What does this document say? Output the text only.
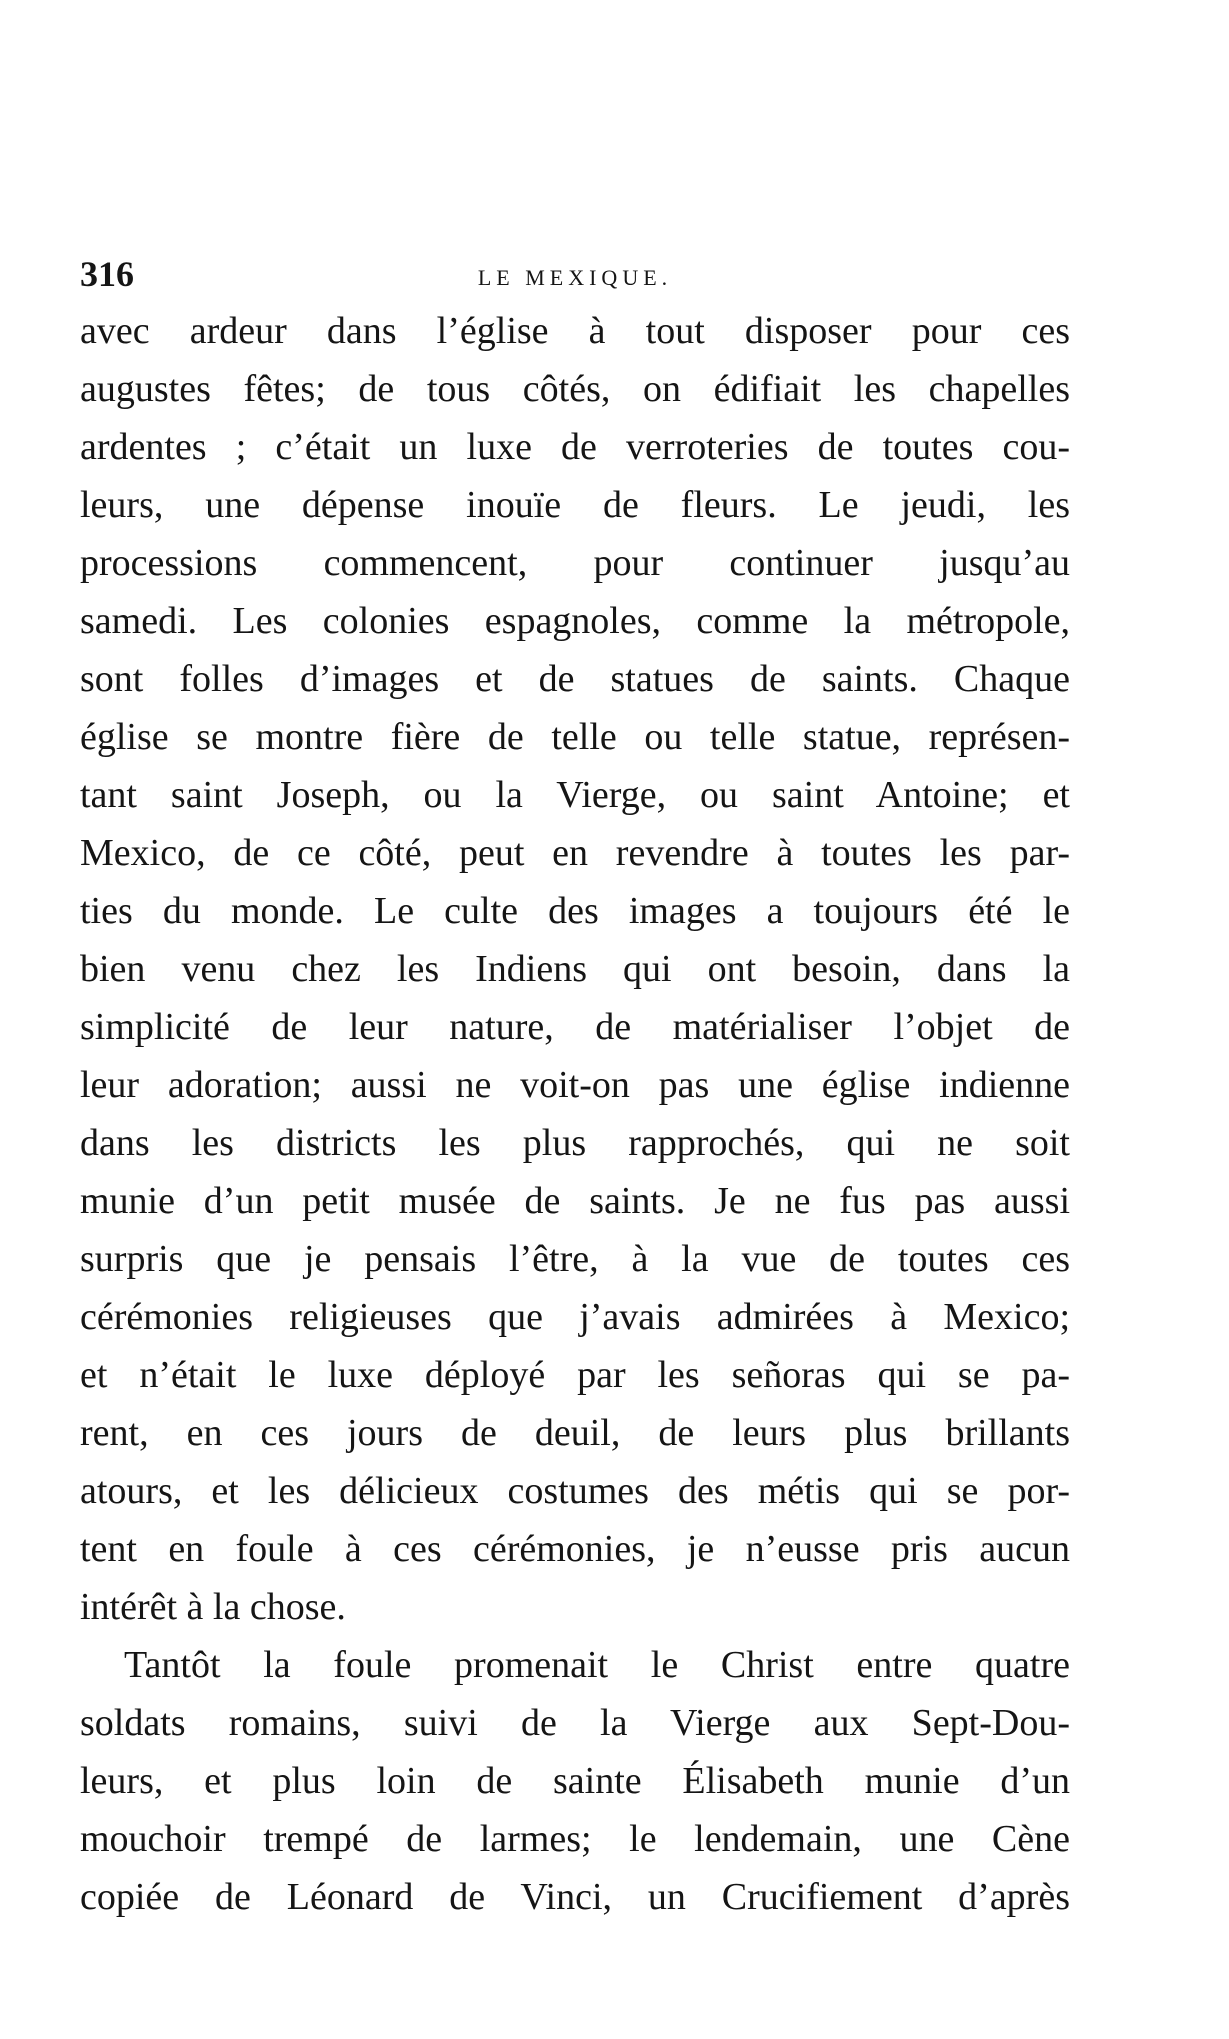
316	LE MEXIQUE.
avec ardeur dans l’église à tout disposer pour ces
augustes fêtes; de tous côtés, on édifiait les chapelles
ardentes ; c’était un luxe de verroteries de toutes cou-
leurs, une dépense inouïe de fleurs. Le jeudi, les
processions commencent, pour continuer jusqu’au
samedi. Les colonies espagnoles, comme la métropole,
sont folles d’images et de statues de saints. Chaque
église se montre fière de telle ou telle statue, représen-
tant saint Joseph, ou la Vierge, ou saint Antoine; et
Mexico, de ce côté, peut en revendre à toutes les par-
ties du monde. Le culte des images a toujours été le
bien venu chez les Indiens qui ont besoin, dans la
simplicité de leur nature, de matérialiser l’objet de
leur adoration; aussi ne voit-on pas une église indienne
dans les districts les plus rapprochés, qui ne soit
munie d’un petit musée de saints. Je ne fus pas aussi
surpris que je pensais l’être, à la vue de toutes ces
cérémonies religieuses que j’avais admirées à Mexico;
et n’était le luxe déployé par les señoras qui se pa-
rent, en ces jours de deuil, de leurs plus brillants
atours, et les délicieux costumes des métis qui se por-
tent en foule à ces cérémonies, je n’eusse pris aucun
intérêt à la chose.
Tantôt la foule promenait le Christ entre quatre
soldats romains, suivi de la Vierge aux Sept-Dou-
leurs, et plus loin de sainte Élisabeth munie d’un
mouchoir trempé de larmes; le lendemain, une Cène
copiée de Léonard de Vinci, un Crucifiement d’après
